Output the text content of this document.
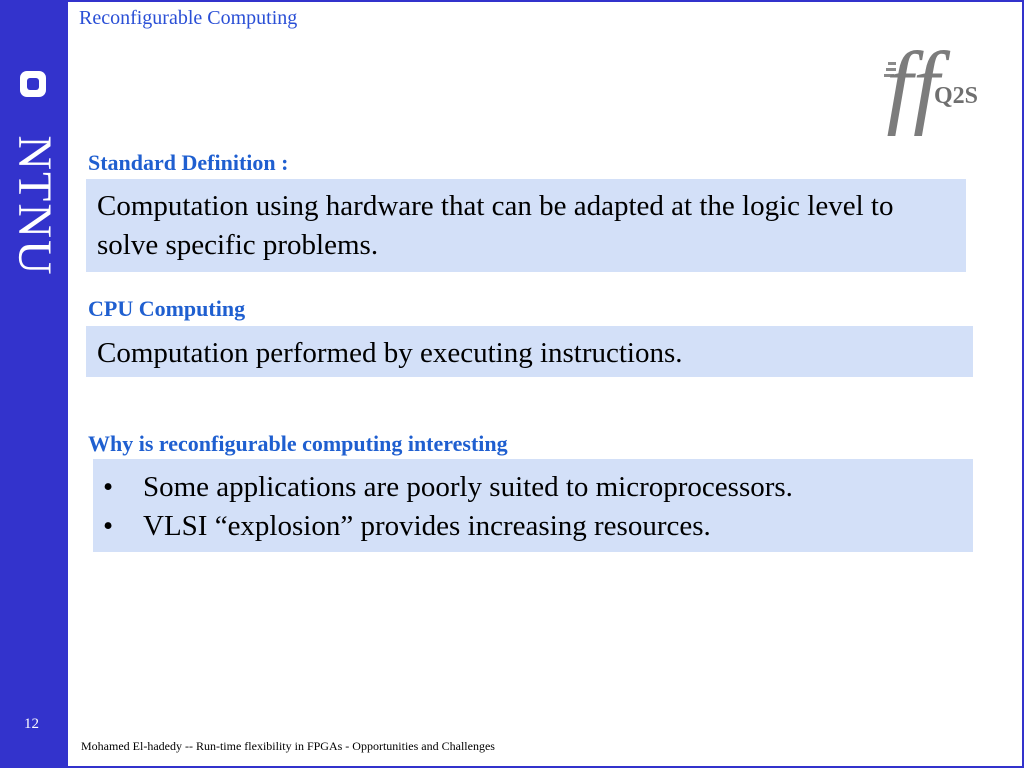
NTNU
12
Reconfigurable Computing
ff
Q2S
Standard Definition :
Computation using hardware that can be adapted at the logic level to solve specific problems.
CPU Computing
Computation performed by executing instructions.
Why is reconfigurable computing interesting
• Some applications are poorly suited to microprocessors.
• VLSI “explosion” provides increasing resources.
Mohamed El-hadedy -- Run-time flexibility in FPGAs - Opportunities and Challenges
